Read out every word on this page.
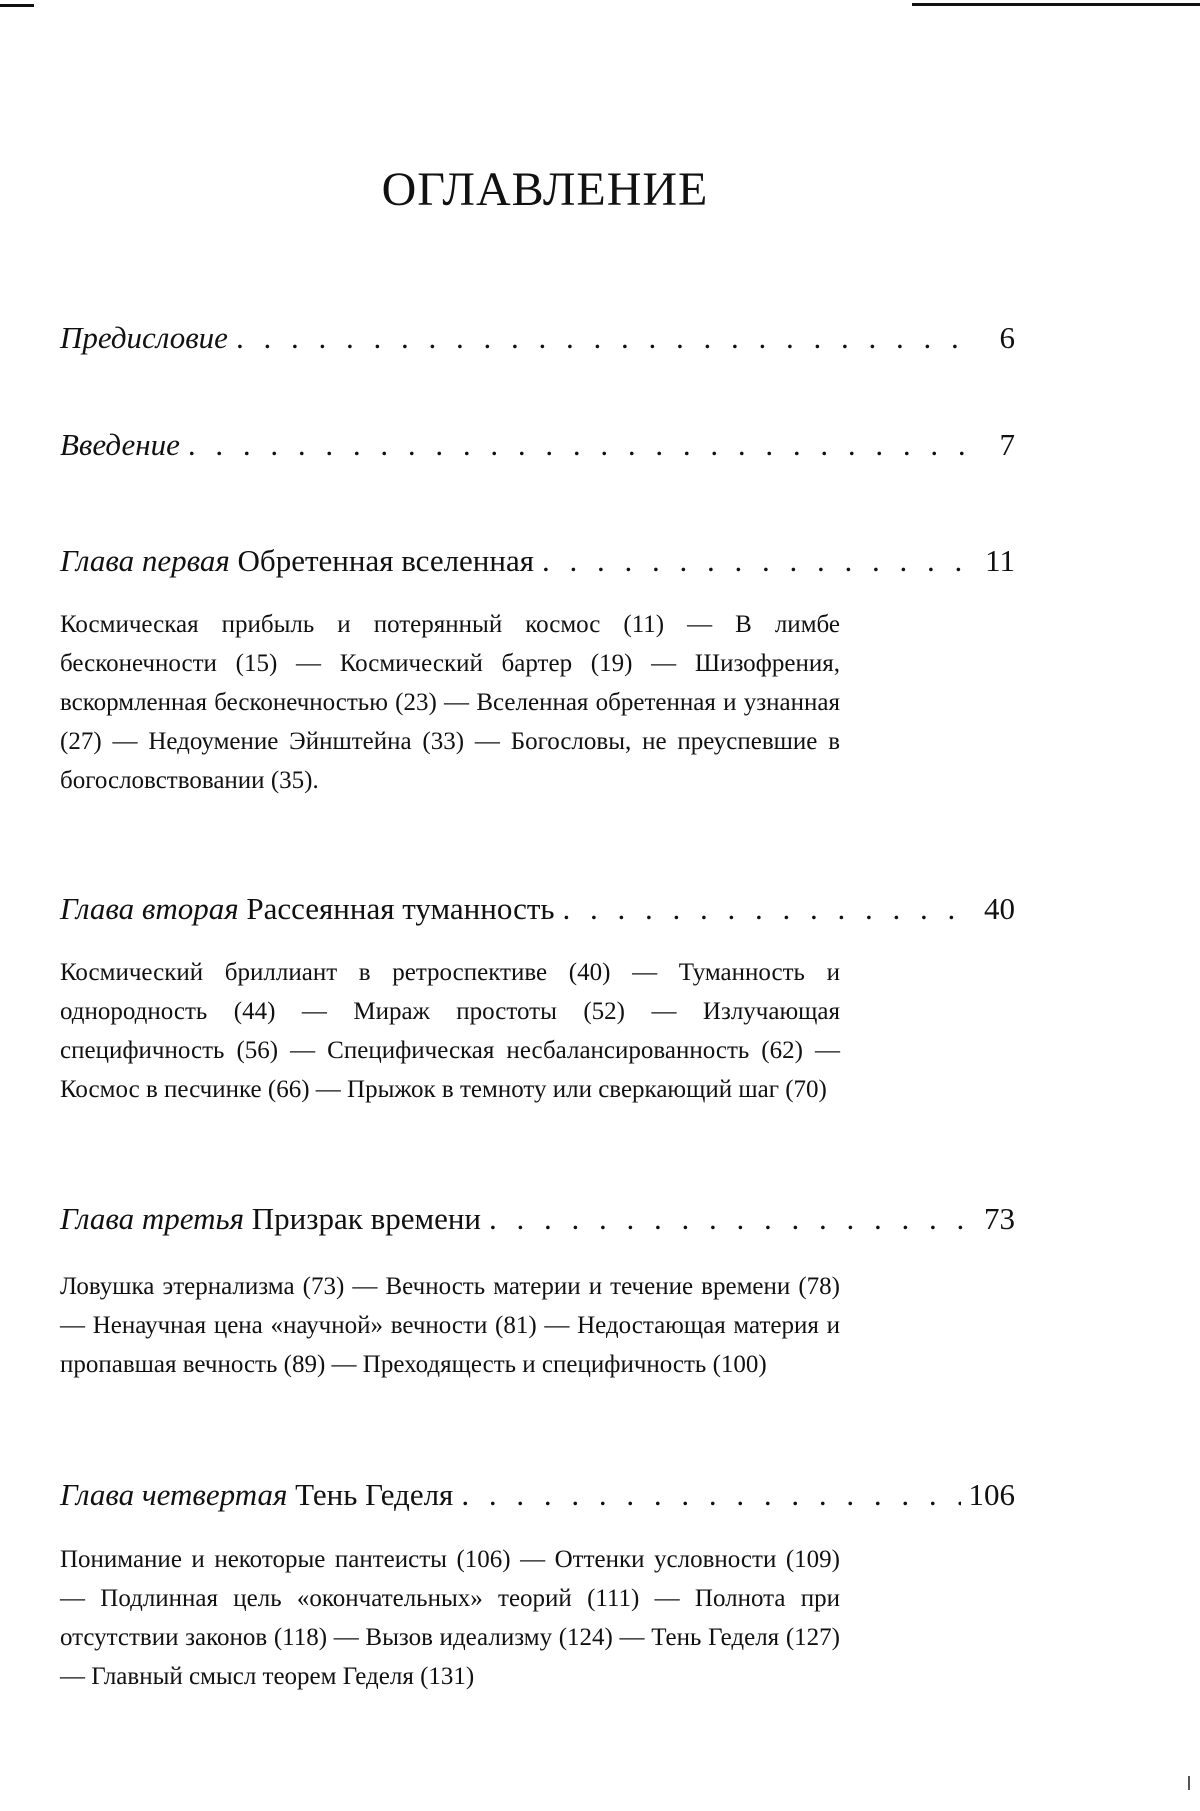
ОГЛАВЛЕНИЕ
Предисловие . . .	6
Введение . . .	7
Глава первая Обретенная вселенная . . .	11
Космическая прибыль и потерянный космос (11) — В лимбе бесконечности (15) — Космический бартер (19) — Шизофрения, вскормленная бесконечностью (23) — Вселенная обретенная и узнанная (27) — Недоумение Эйнштейна (33) — Богословы, не преуспевшие в богословствовании (35).
Глава вторая Рассеянная туманность . . .	40
Космический бриллиант в ретроспективе (40) — Туманность и однородность (44) — Мираж простоты (52) — Излучающая специфичность (56) — Специфическая несбалансированность (62) — Космос в песчинке (66) — Прыжок в темноту или сверкающий шаг (70)
Глава третья Призрак времени . . .	73
Ловушка этернализма (73) — Вечность материи и течение времени (78) — Ненаучная цена «научной» вечности (81) — Недостающая материя и пропавшая вечность (89) — Преходящесть и специфичность (100)
Глава четвертая Тень Геделя . . .	106
Понимание и некоторые пантеисты (106) — Оттенки условности (109) — Подлинная цель «окончательных» теорий (111) — Полнота при отсутствии законов (118) — Вызов идеализму (124) — Тень Геделя (127) — Главный смысл теорем Геделя (131)
